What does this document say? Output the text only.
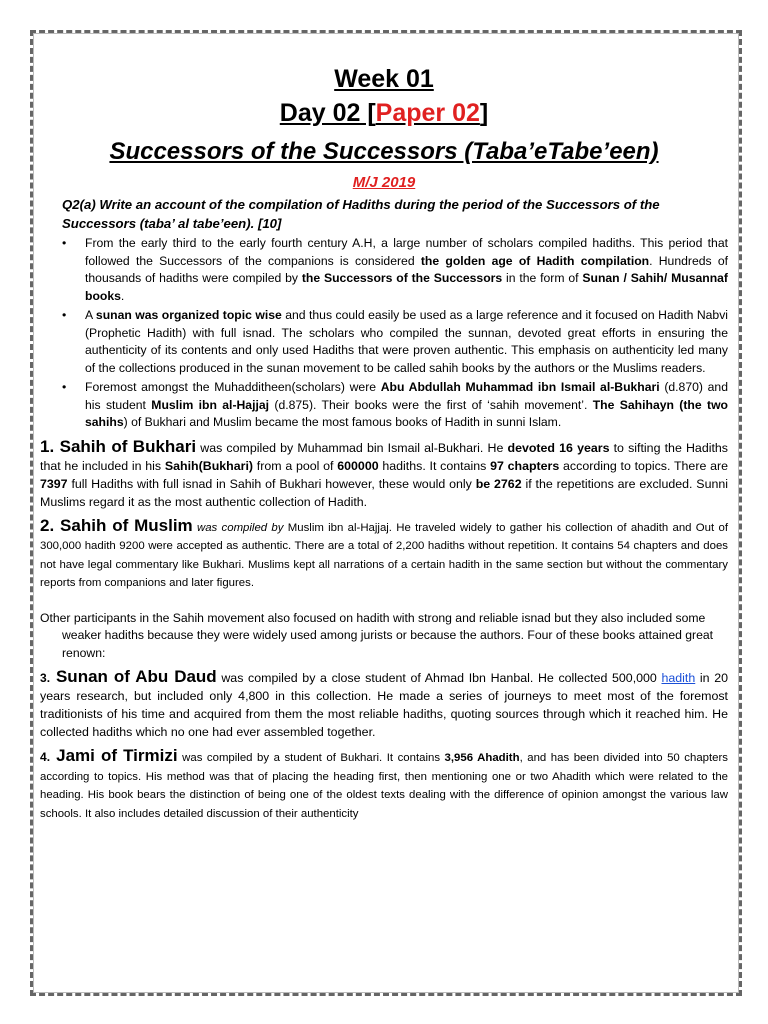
Week 01

Day 02 [Paper 02]

Successors of the Successors (Taba’eTabe’een)

M/J 2019

Q2(a) Write an account of the compilation of Hadiths during the period of the Successors of the Successors (taba’ al tabe’een). [10]

• From the early third to the early fourth century A.H, a large number of scholars compiled hadiths. This period that followed the Successors of the companions is considered the golden age of Hadith compilation. Hundreds of thousands of hadiths were compiled by the Successors of the Successors in the form of Sunan / Sahih/ Musannaf books.
• A sunan was organized topic wise and thus could easily be used as a large reference and it focused on Hadith Nabvi (Prophetic Hadith) with full isnad. The scholars who compiled the sunnan, devoted great efforts in ensuring the authenticity of its contents and only used Hadiths that were proven authentic. This emphasis on authenticity led many of the collections produced in the sunan movement to be called sahih books by the authors or the Muslims readers.
• Foremost amongst the Muhadditheen(scholars) were Abu Abdullah Muhammad ibn Ismail al-Bukhari (d.870) and his student Muslim ibn al-Hajjaj (d.875). Their books were the first of ‘sahih movement’. The Sahihayn (the two sahihs) of Bukhari and Muslim became the most famous books of Hadith in sunni Islam.

1. Sahih of Bukhari was compiled by Muhammad bin Ismail al-Bukhari. He devoted 16 years to sifting the Hadiths that he included in his Sahih(Bukhari) from a pool of 600000 hadiths. It contains 97 chapters according to topics. There are 7397 full Hadiths with full isnad in Sahih of Bukhari however, these would only be 2762 if the repetitions are excluded. Sunni Muslims regard it as the most authentic collection of Hadith.

2. Sahih of Muslim was compiled by Muslim ibn al-Hajjaj. He traveled widely to gather his collection of ahadith and Out of 300,000 hadith 9200 were accepted as authentic. There are a total of 2,200 hadiths without repetition. It contains 54 chapters and does not have legal commentary like Bukhari. Muslims kept all narrations of a certain hadith in the same section but without the commentary reports from companions and later figures.

Other participants in the Sahih movement also focused on hadith with strong and reliable isnad but they also included some weaker hadiths because they were widely used among jurists or because the authors. Four of these books attained great renown:

3. Sunan of Abu Daud was compiled by a close student of Ahmad Ibn Hanbal. He collected 500,000 hadith in 20 years research, but included only 4,800 in this collection. He made a series of journeys to meet most of the foremost traditionists of his time and acquired from them the most reliable hadiths, quoting sources through which it reached him. He collected hadiths which no one had ever assembled together.

4. Jami of Tirmizi was compiled by a student of Bukhari. It contains 3,956 Ahadith, and has been divided into 50 chapters according to topics. His method was that of placing the heading first, then mentioning one or two Ahadith which were related to the heading. His book bears the distinction of being one of the oldest texts dealing with the difference of opinion amongst the various law schools. It also includes detailed discussion of their authenticity
